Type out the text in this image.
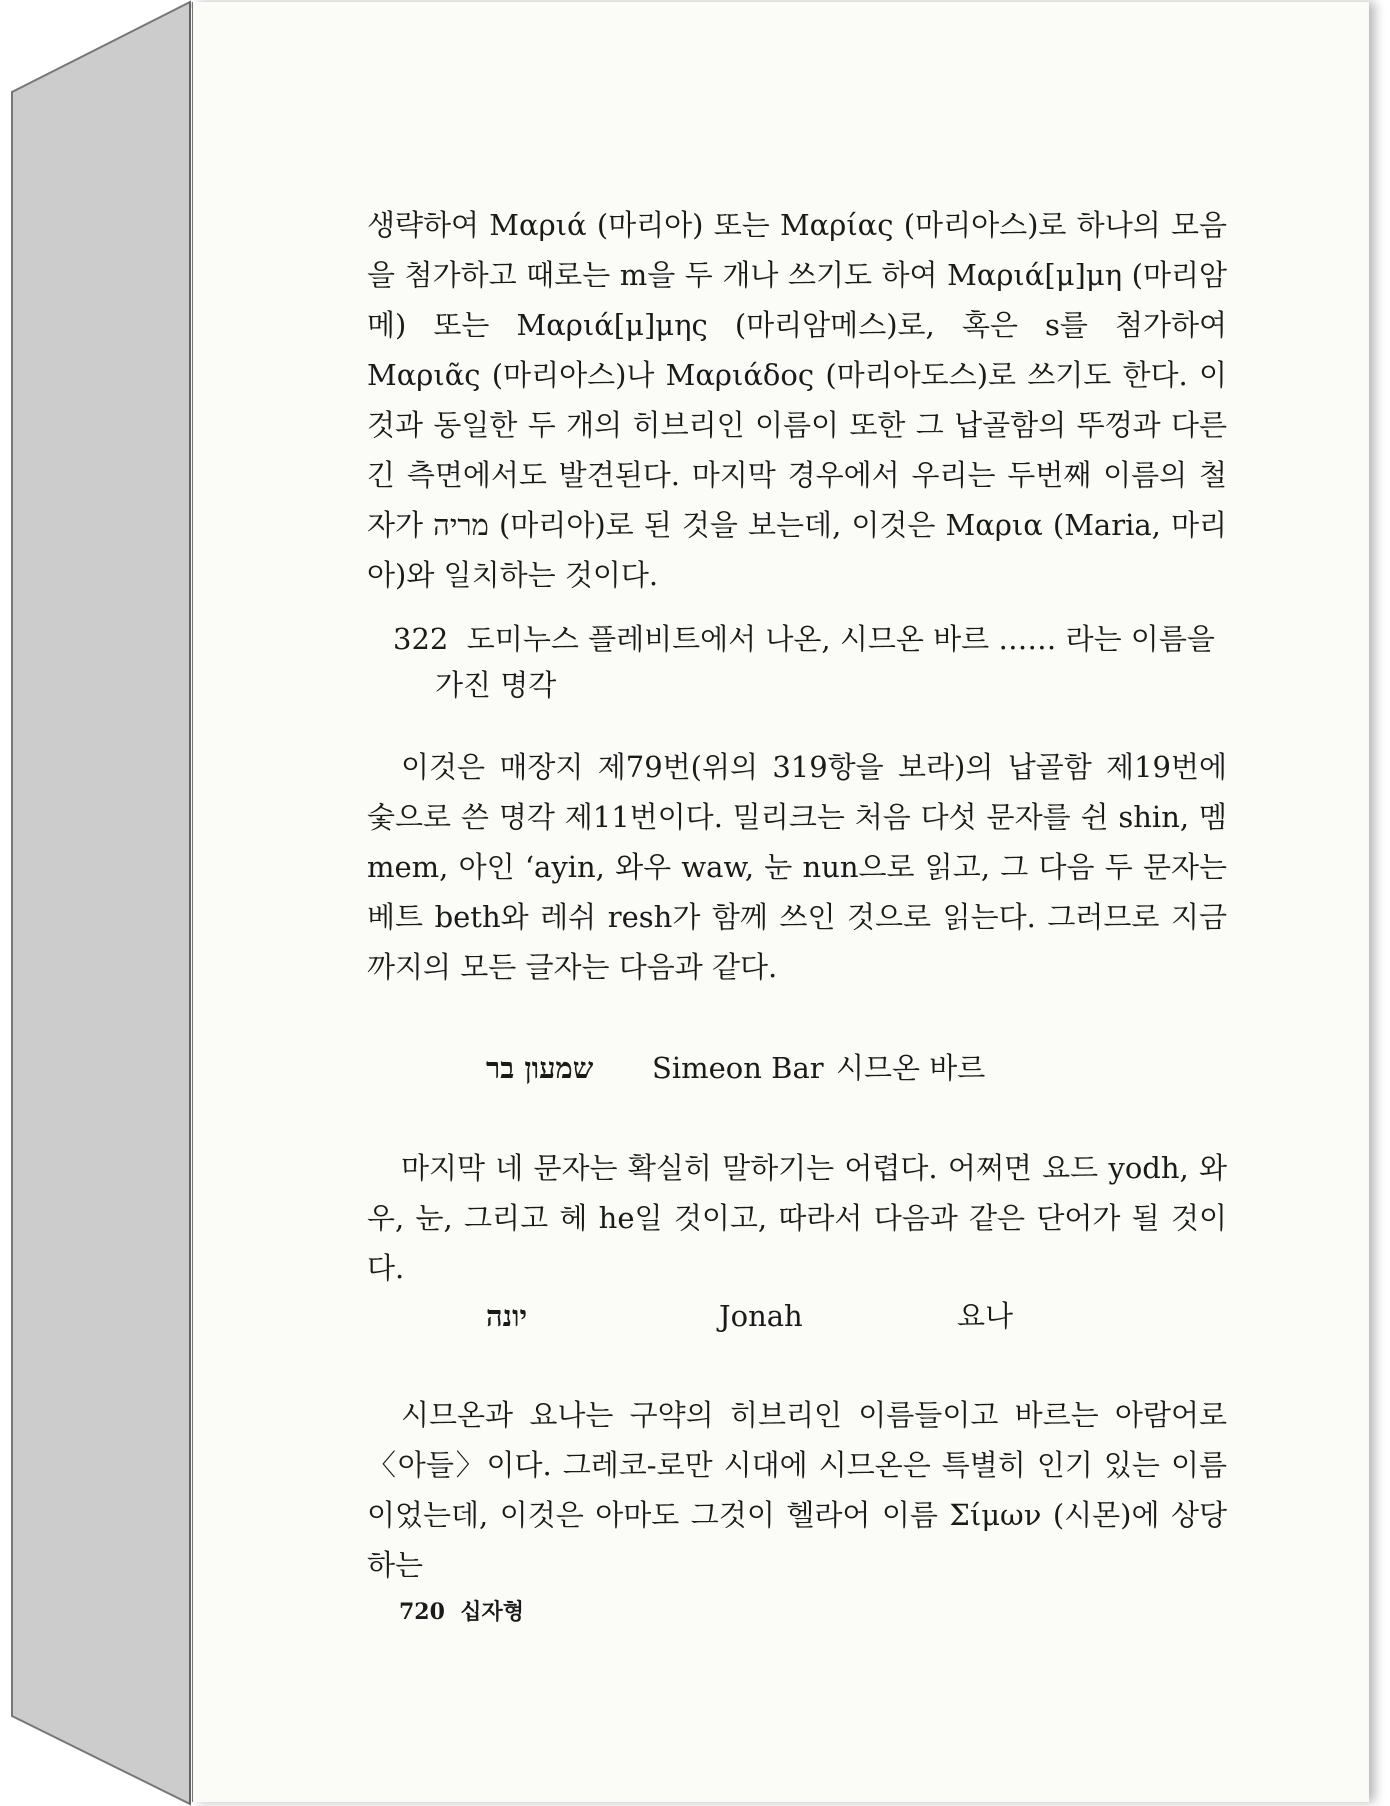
생략하여 Μαριά (마리아) 또는 Μαρίας (마리아스)로 하나의 모음을 첨가하고 때로는 m을 두 개나 쓰기도 하여 Μαριά[μ]μη (마리암메) 또는 Μαριά[μ]μης (마리암메스)로, 혹은 s를 첨가하여 Μαριᾶς (마리아스)나 Μαριάδος (마리아도스)로 쓰기도 한다. 이것과 동일한 두 개의 히브리인 이름이 또한 그 납골함의 뚜껑과 다른 긴 측면에서도 발견된다. 마지막 경우에서 우리는 두번째 이름의 철자가 מריה (마리아)로 된 것을 보는데, 이것은 Μαρια (Maria, 마리아)와 일치하는 것이다.

322 도미누스 플레비트에서 나온, 시므온 바르 …… 라는 이름을 가진 명각

이것은 매장지 제79번(위의 319항을 보라)의 납골함 제19번에 숯으로 쓴 명각 제11번이다. 밀리크는 처음 다섯 문자를 쉰 shin, 멤 mem, 아인 ‘ayin, 와우 waw, 눈 nun으로 읽고, 그 다음 두 문자는 베트 beth와 레쉬 resh가 함께 쓰인 것으로 읽는다. 그러므로 지금까지의 모든 글자는 다음과 같다.

שמעון בר Simeon Bar 시므온 바르

마지막 네 문자는 확실히 말하기는 어렵다. 어쩌면 요드 yodh, 와우, 눈, 그리고 헤 he일 것이고, 따라서 다음과 같은 단어가 될 것이다.

יונה	Jonah	요나

시므온과 요나는 구약의 히브리인 이름들이고 바르는 아람어로 〈아들〉이다. 그레코-로만 시대에 시므온은 특별히 인기 있는 이름이었는데, 이것은 아마도 그것이 헬라어 이름 Σίμων (시몬)에 상당하는

720 십자형
